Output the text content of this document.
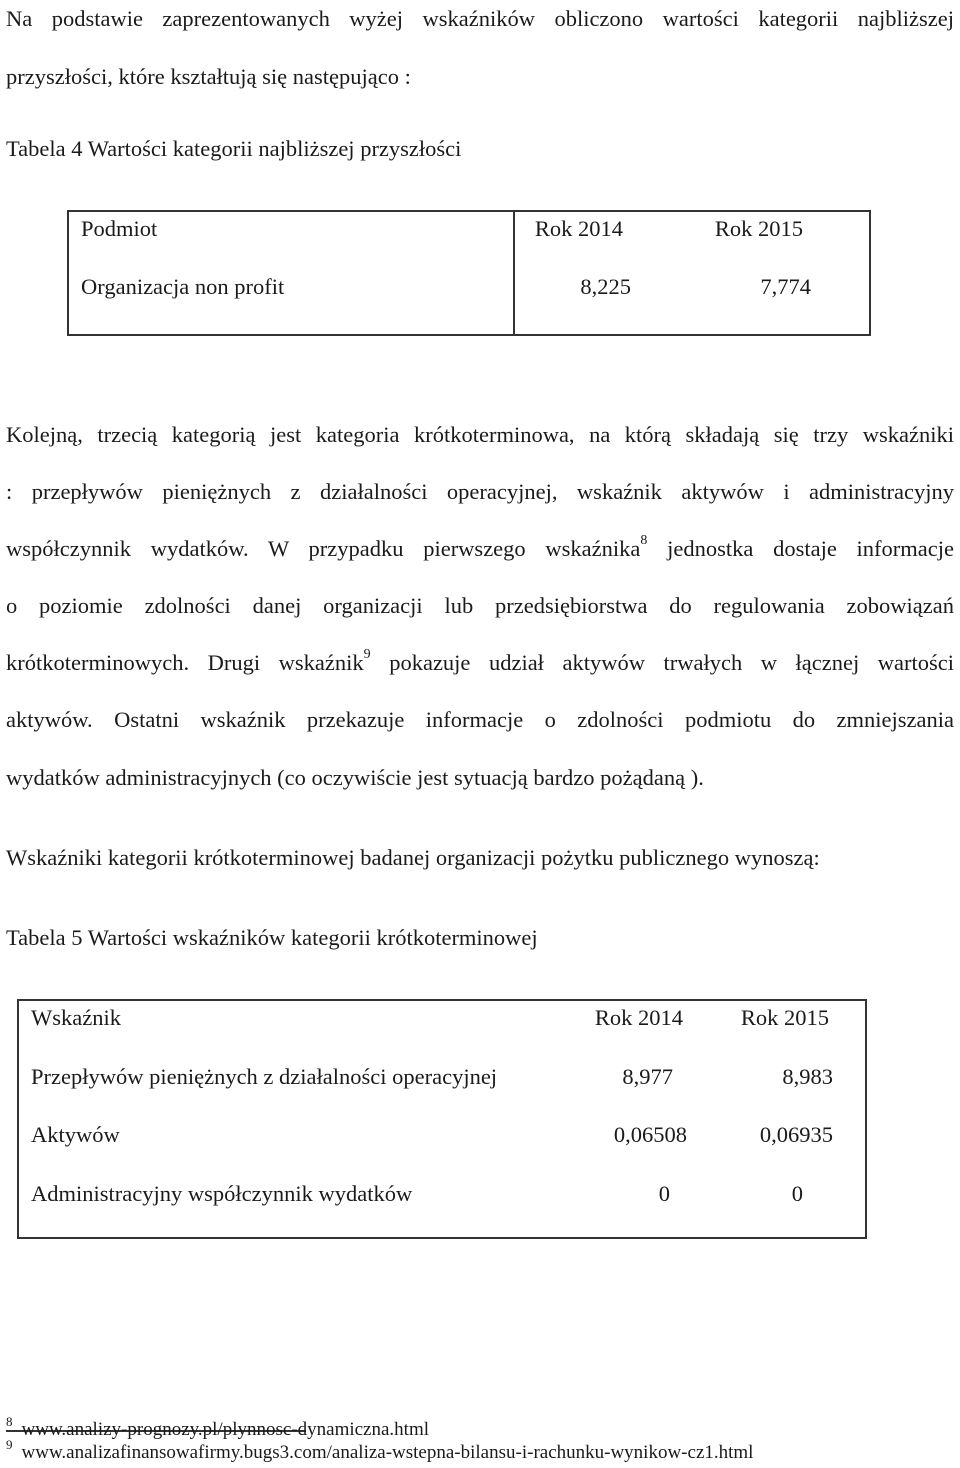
Na podstawie zaprezentowanych wyżej wskaźników obliczono wartości kategorii najbliższej
przyszłości, które kształtują się następująco :
Tabela 4 Wartości kategorii najbliższej przyszłości
Podmiot	Rok 2014	Rok 2015
Organizacja non profit	8,225	7,774
Kolejną, trzecią kategorią jest kategoria krótkoterminowa, na którą składają się trzy wskaźniki
: przepływów pieniężnych z działalności operacyjnej, wskaźnik aktywów i administracyjny
współczynnik wydatków. W przypadku pierwszego wskaźnika$^8$ jednostka dostaje informacje
o poziomie zdolności danej organizacji lub przedsiębiorstwa do regulowania zobowiązań
krótkoterminowych. Drugi wskaźnik$^9$ pokazuje udział aktywów trwałych w łącznej wartości
aktywów. Ostatni wskaźnik przekazuje informacje o zdolności podmiotu do zmniejszania
wydatków administracyjnych (co oczywiście jest sytuacją bardzo pożądaną ).
Wskaźniki kategorii krótkoterminowej badanej organizacji pożytku publicznego wynoszą:
Tabela 5 Wartości wskaźników kategorii krótkoterminowej
Wskaźnik	Rok 2014	Rok 2015
Przepływów pieniężnych z działalności operacyjnej	8,977	8,983
Aktywów	0,06508	0,06935
Administracyjny współczynnik wydatków	0	0
$^8$ www.analizy-prognozy.pl/plynnosc-dynamiczna.html
$^9$ www.analizafinansowafirmy.bugs3.com/analiza-wstepna-bilansu-i-rachunku-wynikow-cz1.html
